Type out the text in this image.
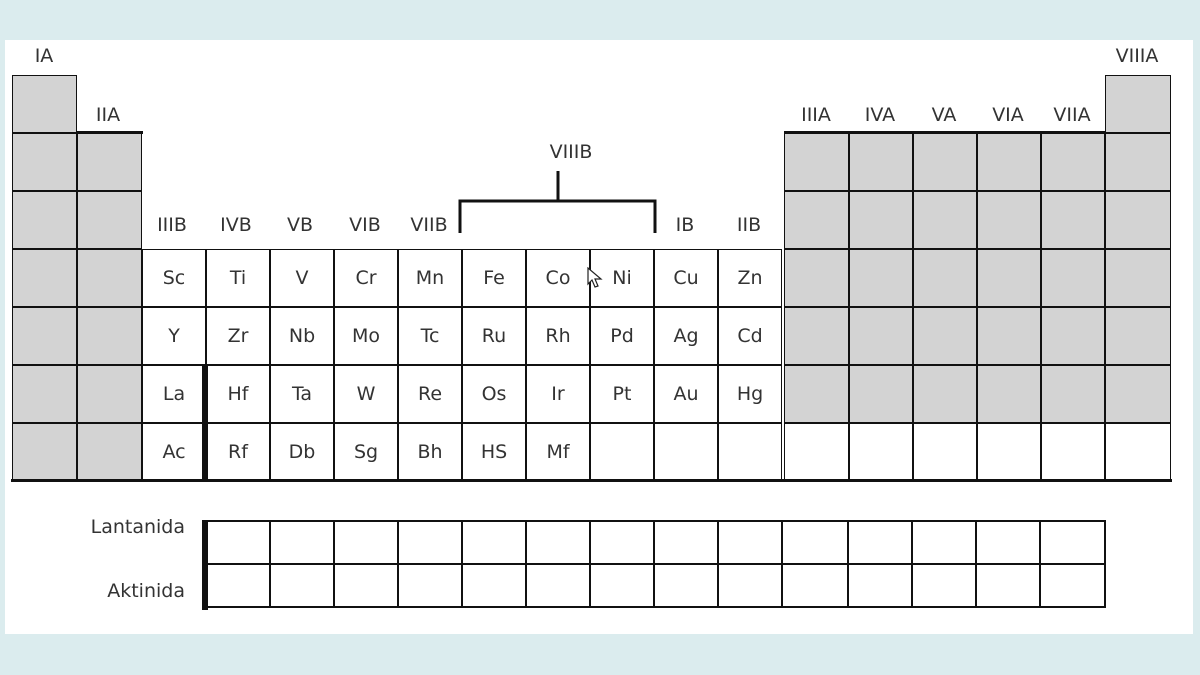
IA
IIA
IIIB	IVB	VB	VIB	VIIB
VIIIB
IB	IIB
IIIA	IVA	VA	VIA	VIIA
VIIIA
Sc	Ti	V	Cr	Mn	Fe	Co	Ni	Cu	Zn
Y	Zr	Nb	Mo	Tc	Ru	Rh	Pd	Ag	Cd
La	Hf	Ta	W	Re	Os	Ir	Pt	Au	Hg
Ac	Rf	Db	Sg	Bh	HS	Mf
Lantanida
Aktinida
